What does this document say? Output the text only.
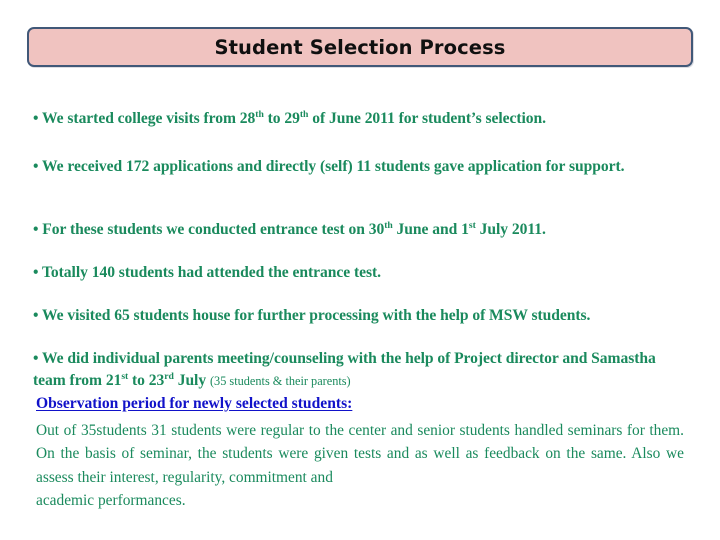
Student Selection Process

• We started college visits from 28th to 29th of June 2011 for student’s selection.

• We received 172 applications and directly (self) 11 students gave application for support.

• For these students we conducted entrance test on 30th June and 1st July 2011.

• Totally 140 students had attended the entrance test.

• We visited 65 students house for further processing with the help of MSW students.

• We did individual parents meeting/counseling with the help of Project director and Samastha team from 21st to 23rd July (35 students & their parents)

Observation period for newly selected students:
Out of 35students 31 students were regular to the center and senior students handled seminars for them. On the basis of seminar, the students were given tests and as well as feedback on the same. Also we assess their interest, regularity, commitment and
academic performances.
